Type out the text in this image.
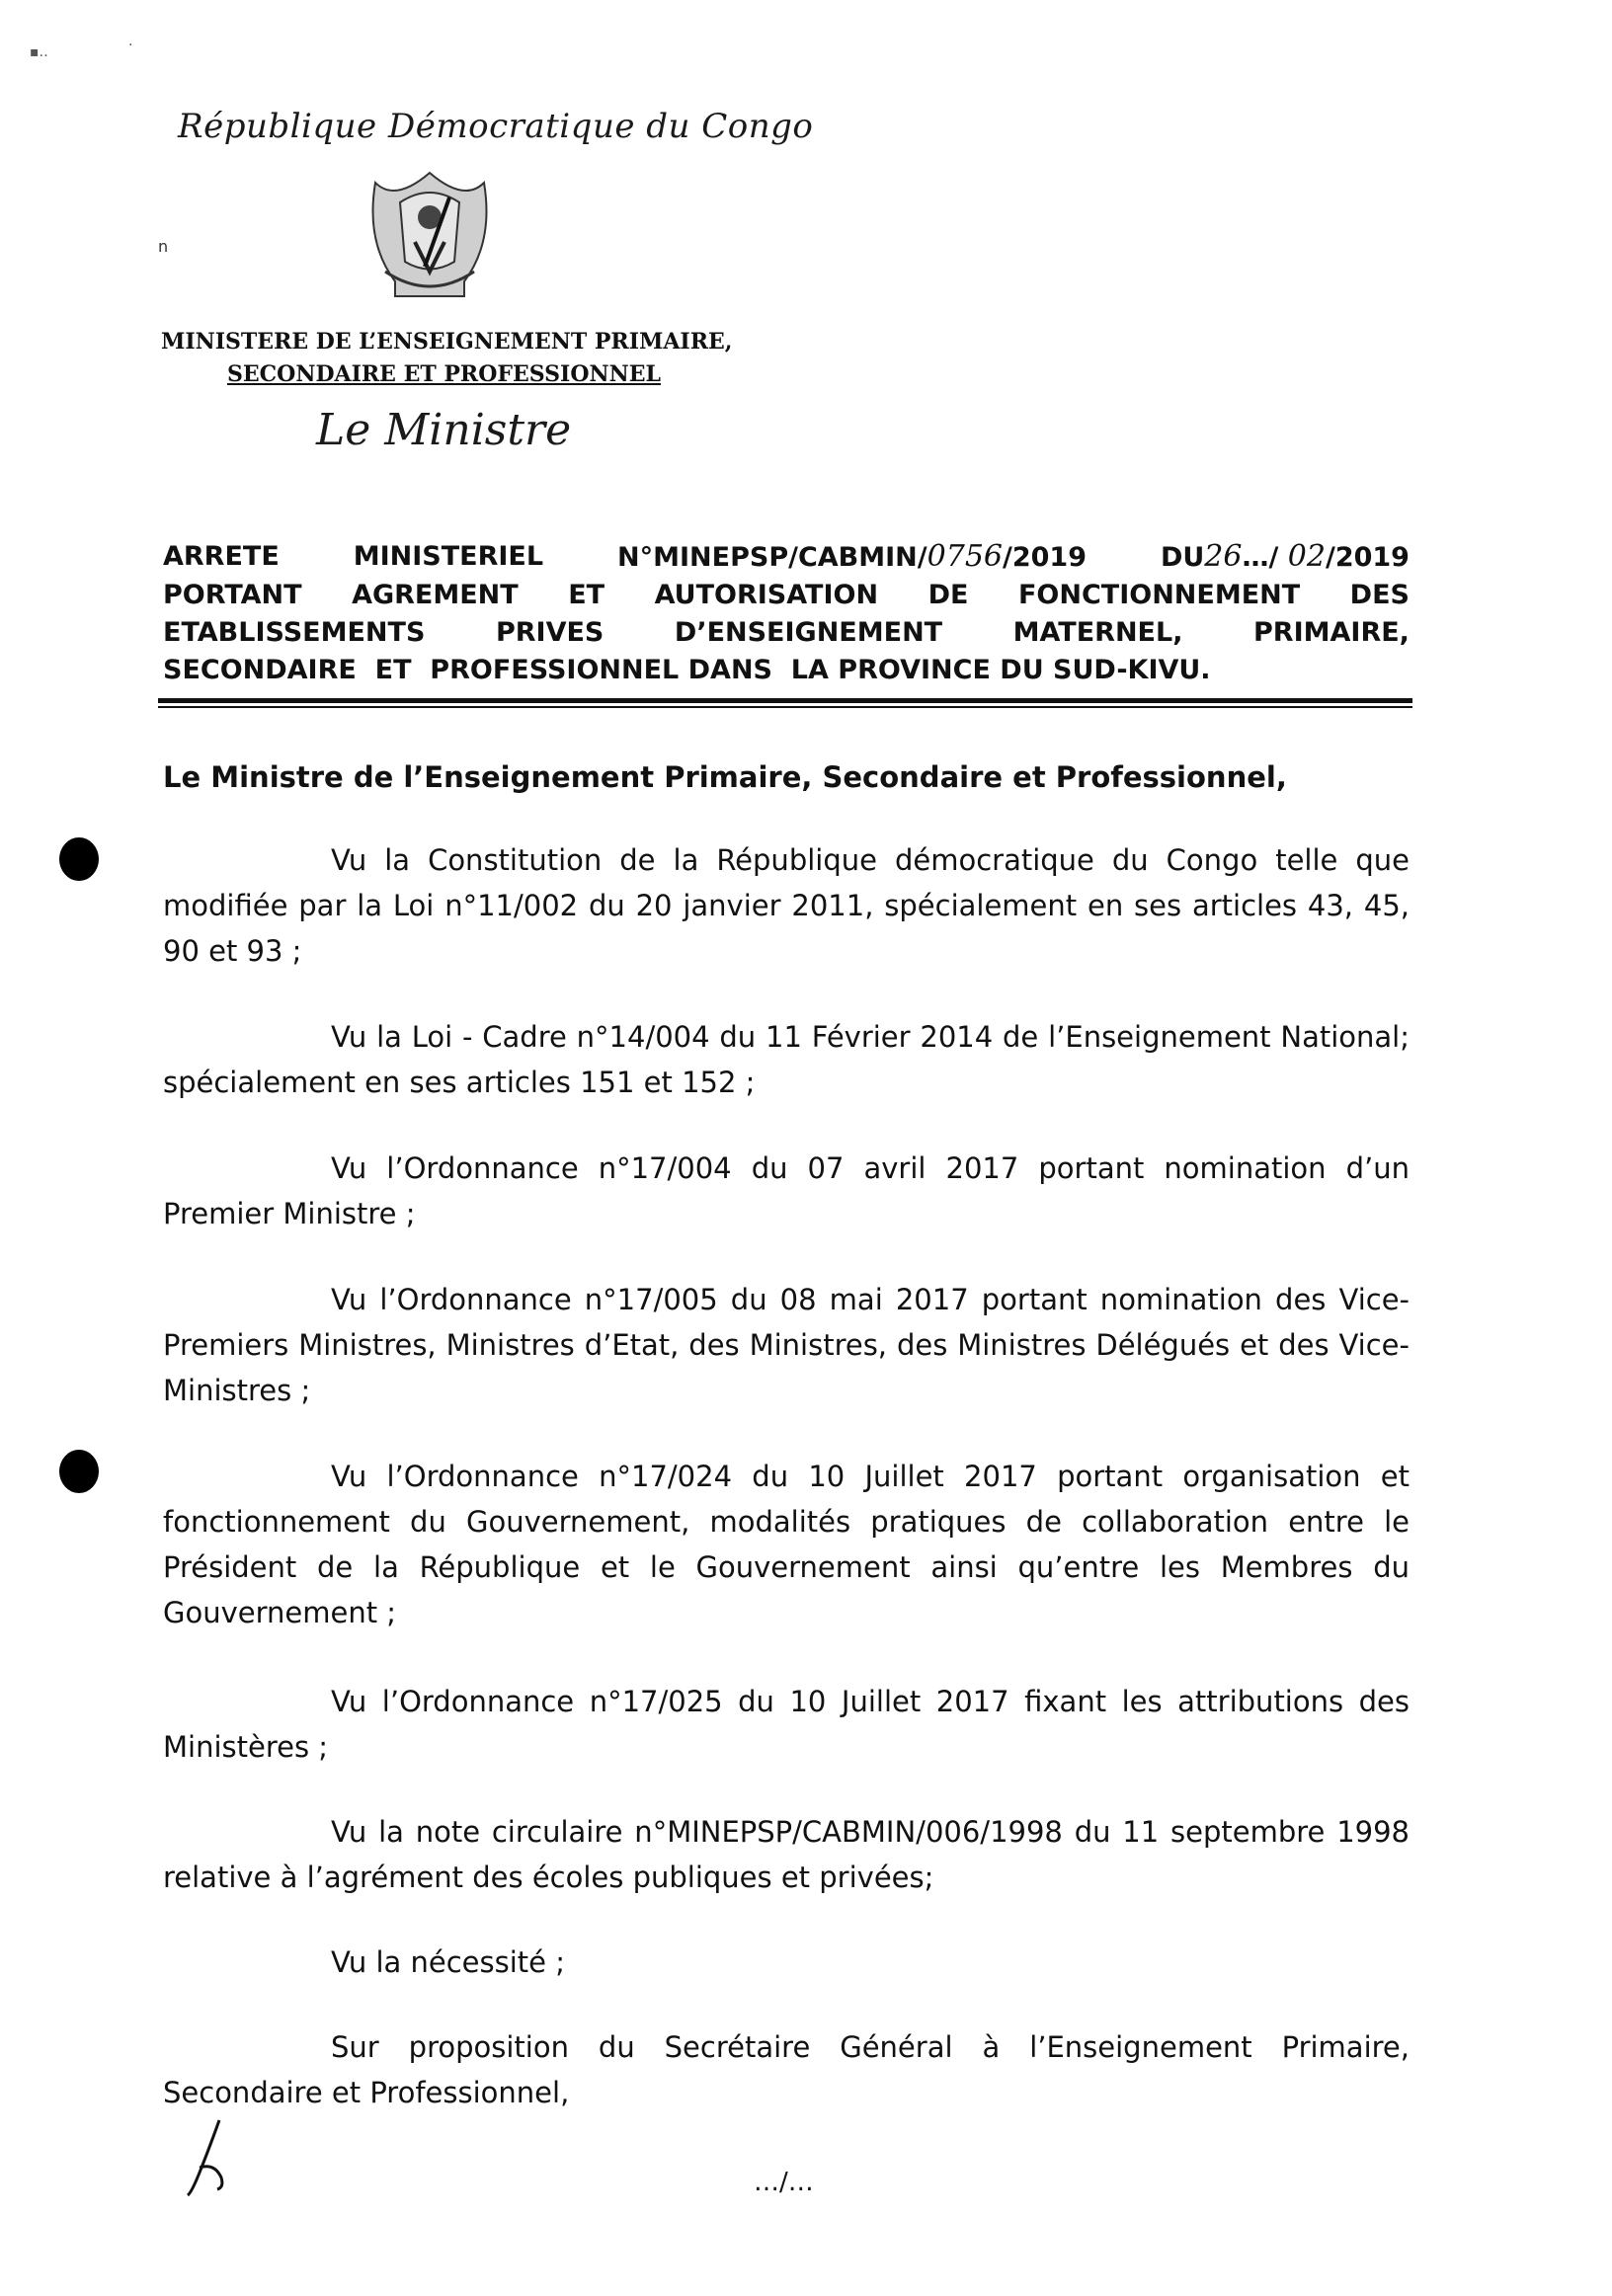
▪‥	·
République Démocratique du Congo
n
MINISTERE DE L’ENSEIGNEMENT PRIMAIRE,
SECONDAIRE ET PROFESSIONNEL
Le Ministre
ARRETE	MINISTERIEL	N°MINEPSP/CABMIN/0756/2019	DU26…/ 02/2019
PORTANT AGREMENT ET AUTORISATION DE FONCTIONNEMENT DES
ETABLISSEMENTS	PRIVES	D’ENSEIGNEMENT	MATERNEL,	PRIMAIRE,
SECONDAIRE  ET  PROFESSIONNEL DANS  LA PROVINCE DU SUD-KIVU.
Le Ministre de l’Enseignement Primaire, Secondaire et Professionnel,

Vu la Constitution de la République démocratique du Congo telle que modifiée par la Loi n°11/002 du 20 janvier 2011, spécialement en ses articles 43, 45, 90 et 93 ;

Vu la Loi - Cadre n°14/004 du 11 Février 2014 de l’Enseignement National; spécialement en ses articles 151 et 152 ;

Vu l’Ordonnance n°17/004 du 07 avril 2017 portant nomination d’un Premier Ministre ;

Vu l’Ordonnance n°17/005 du 08 mai 2017 portant nomination des Vice-Premiers Ministres, Ministres d’Etat, des Ministres, des Ministres Délégués et des Vice-Ministres ;

Vu l’Ordonnance n°17/024 du 10 Juillet 2017 portant organisation et fonctionnement du Gouvernement, modalités pratiques de collaboration entre le Président de la République et le Gouvernement ainsi qu’entre les Membres du Gouvernement ;

Vu l’Ordonnance n°17/025 du 10 Juillet 2017 fixant les attributions des Ministères ;

Vu la note circulaire n°MINEPSP/CABMIN/006/1998 du 11 septembre 1998 relative à l’agrément des écoles publiques et privées;

Vu la nécessité ;

Sur proposition du Secrétaire Général à l’Enseignement Primaire, Secondaire et Professionnel,

…/…
